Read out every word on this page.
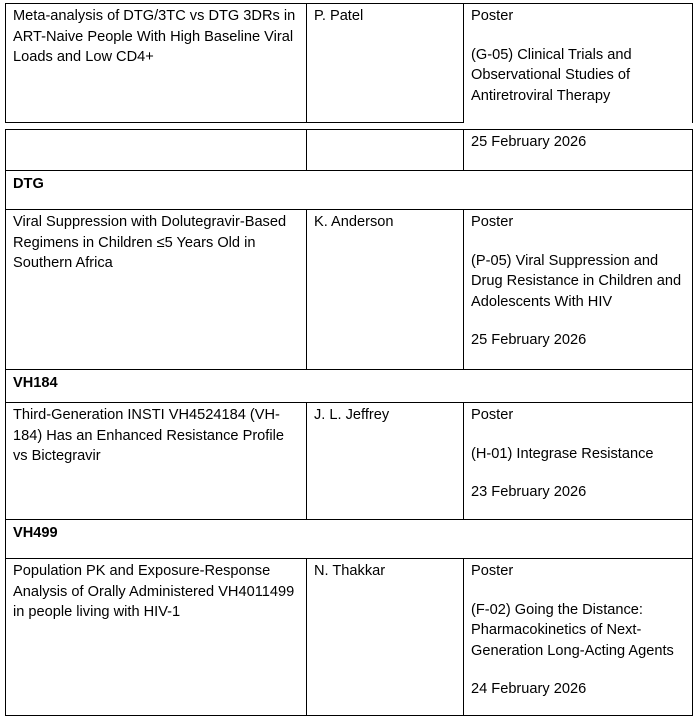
Meta-analysis of DTG/3TC vs DTG 3DRs in ART-Naive People With High Baseline Viral Loads and Low CD4+	P. Patel	Poster
(G-05) Clinical Trials and Observational Studies of Antiretroviral Therapy

		25 February 2026

DTG		
Viral Suppression with Dolutegravir-Based Regimens in Children ≤5 Years Old in Southern Africa	K. Anderson	Poster
(P-05) Viral Suppression and Drug Resistance in Children and Adolescents With HIV
25 February 2026

VH184		
Third-Generation INSTI VH4524184 (VH-184) Has an Enhanced Resistance Profile vs Bictegravir	J. L. Jeffrey	Poster
(H-01) Integrase Resistance
23 February 2026

VH499		
Population PK and Exposure-Response Analysis of Orally Administered VH4011499 in people living with HIV-1	N. Thakkar	Poster
(F-02) Going the Distance: Pharmacokinetics of Next-Generation Long-Acting Agents
24 February 2026
